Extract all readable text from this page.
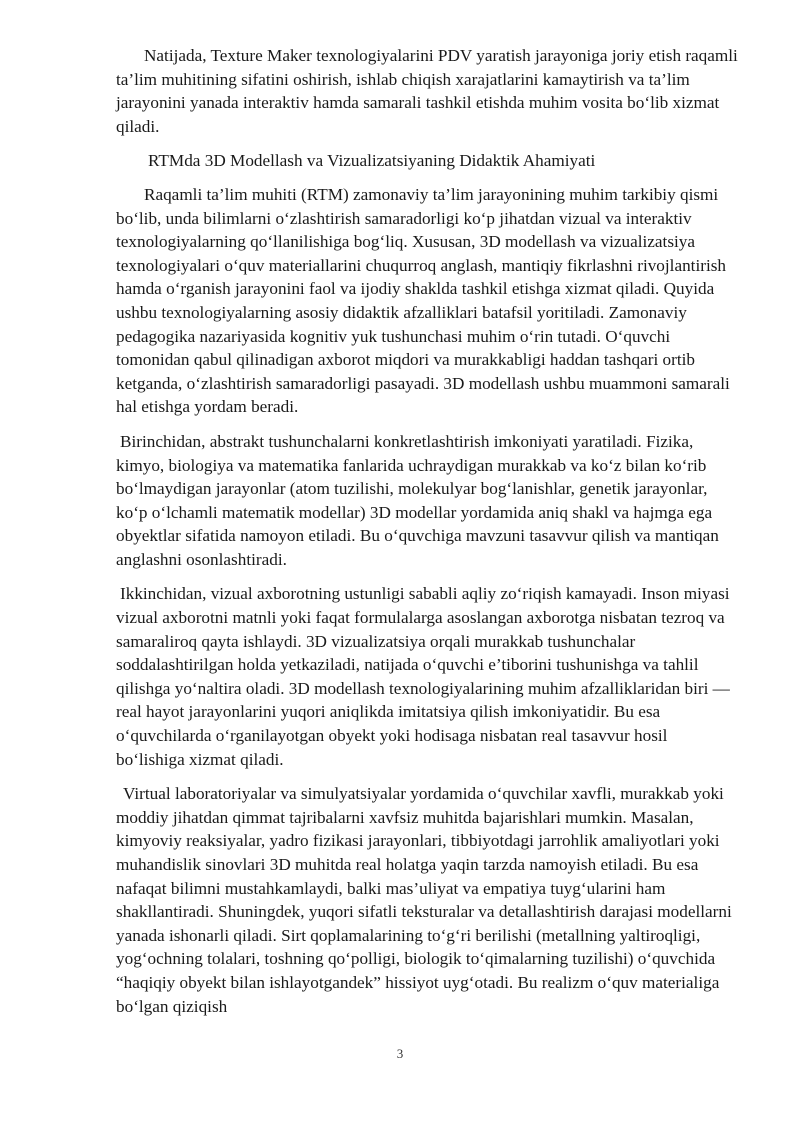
Natijada, Texture Maker texnologiyalarini PDV yaratish jarayoniga joriy etish raqamli ta’lim muhitining sifatini oshirish, ishlab chiqish xarajatlarini kamaytirish va ta’lim jarayonini yanada interaktiv hamda samarali tashkil etishda muhim vosita bo‘lib xizmat qiladi.

RTMda 3D Modellash va Vizualizatsiyaning Didaktik Ahamiyati

Raqamli ta’lim muhiti (RTM) zamonaviy ta’lim jarayonining muhim tarkibiy qismi bo‘lib, unda bilimlarni o‘zlashtirish samaradorligi ko‘p jihatdan vizual va interaktiv texnologiyalarning qo‘llanilishiga bog‘liq. Xususan, 3D modellash va vizualizatsiya texnologiyalari o‘quv materiallarini chuqurroq anglash, mantiqiy fikrlashni rivojlantirish hamda o‘rganish jarayonini faol va ijodiy shaklda tashkil etishga xizmat qiladi. Quyida ushbu texnologiyalarning asosiy didaktik afzalliklari batafsil yoritiladi. Zamonaviy pedagogika nazariyasida kognitiv yuk tushunchasi muhim o‘rin tutadi. O‘quvchi tomonidan qabul qilinadigan axborot miqdori va murakkabligi haddan tashqari ortib ketganda, o‘zlashtirish samaradorligi pasayadi. 3D modellash ushbu muammoni samarali hal etishga yordam beradi.

Birinchidan, abstrakt tushunchalarni konkretlashtirish imkoniyati yaratiladi. Fizika, kimyo, biologiya va matematika fanlarida uchraydigan murakkab va ko‘z bilan ko‘rib bo‘lmaydigan jarayonlar (atom tuzilishi, molekulyar bog‘lanishlar, genetik jarayonlar, ko‘p o‘lchamli matematik modellar) 3D modellar yordamida aniq shakl va hajmga ega obyektlar sifatida namoyon etiladi. Bu o‘quvchiga mavzuni tasavvur qilish va mantiqan anglashni osonlashtiradi.

Ikkinchidan, vizual axborotning ustunligi sababli aqliy zo‘riqish kamayadi. Inson miyasi vizual axborotni matnli yoki faqat formulalarga asoslangan axborotga nisbatan tezroq va samaraliroq qayta ishlaydi. 3D vizualizatsiya orqali murakkab tushunchalar soddalashtirilgan holda yetkaziladi, natijada o‘quvchi e’tiborini tushunishga va tahlil qilishga yo‘naltira oladi. 3D modellash texnologiyalarining muhim afzalliklaridan biri — real hayot jarayonlarini yuqori aniqlikda imitatsiya qilish imkoniyatidir. Bu esa o‘quvchilarda o‘rganilayotgan obyekt yoki hodisaga nisbatan real tasavvur hosil bo‘lishiga xizmat qiladi.

Virtual laboratoriyalar va simulyatsiyalar yordamida o‘quvchilar xavfli, murakkab yoki moddiy jihatdan qimmat tajribalarni xavfsiz muhitda bajarishlari mumkin. Masalan, kimyoviy reaksiyalar, yadro fizikasi jarayonlari, tibbiyotdagi jarrohlik amaliyotlari yoki muhandislik sinovlari 3D muhitda real holatga yaqin tarzda namoyish etiladi. Bu esa nafaqat bilimni mustahkamlaydi, balki mas’uliyat va empatiya tuyg‘ularini ham shakllantiradi. Shuningdek, yuqori sifatli teksturalar va detallashtirish darajasi modellarni yanada ishonarli qiladi. Sirt qoplamalarining to‘g‘ri berilishi (metallning yaltiroqligi, yog‘ochning tolalari, toshning qo‘polligi, biologik to‘qimalarning tuzilishi) o‘quvchida “haqiqiy obyekt bilan ishlayotgandek” hissiyot uyg‘otadi. Bu realizm o‘quv materialiga bo‘lgan qiziqish

3
